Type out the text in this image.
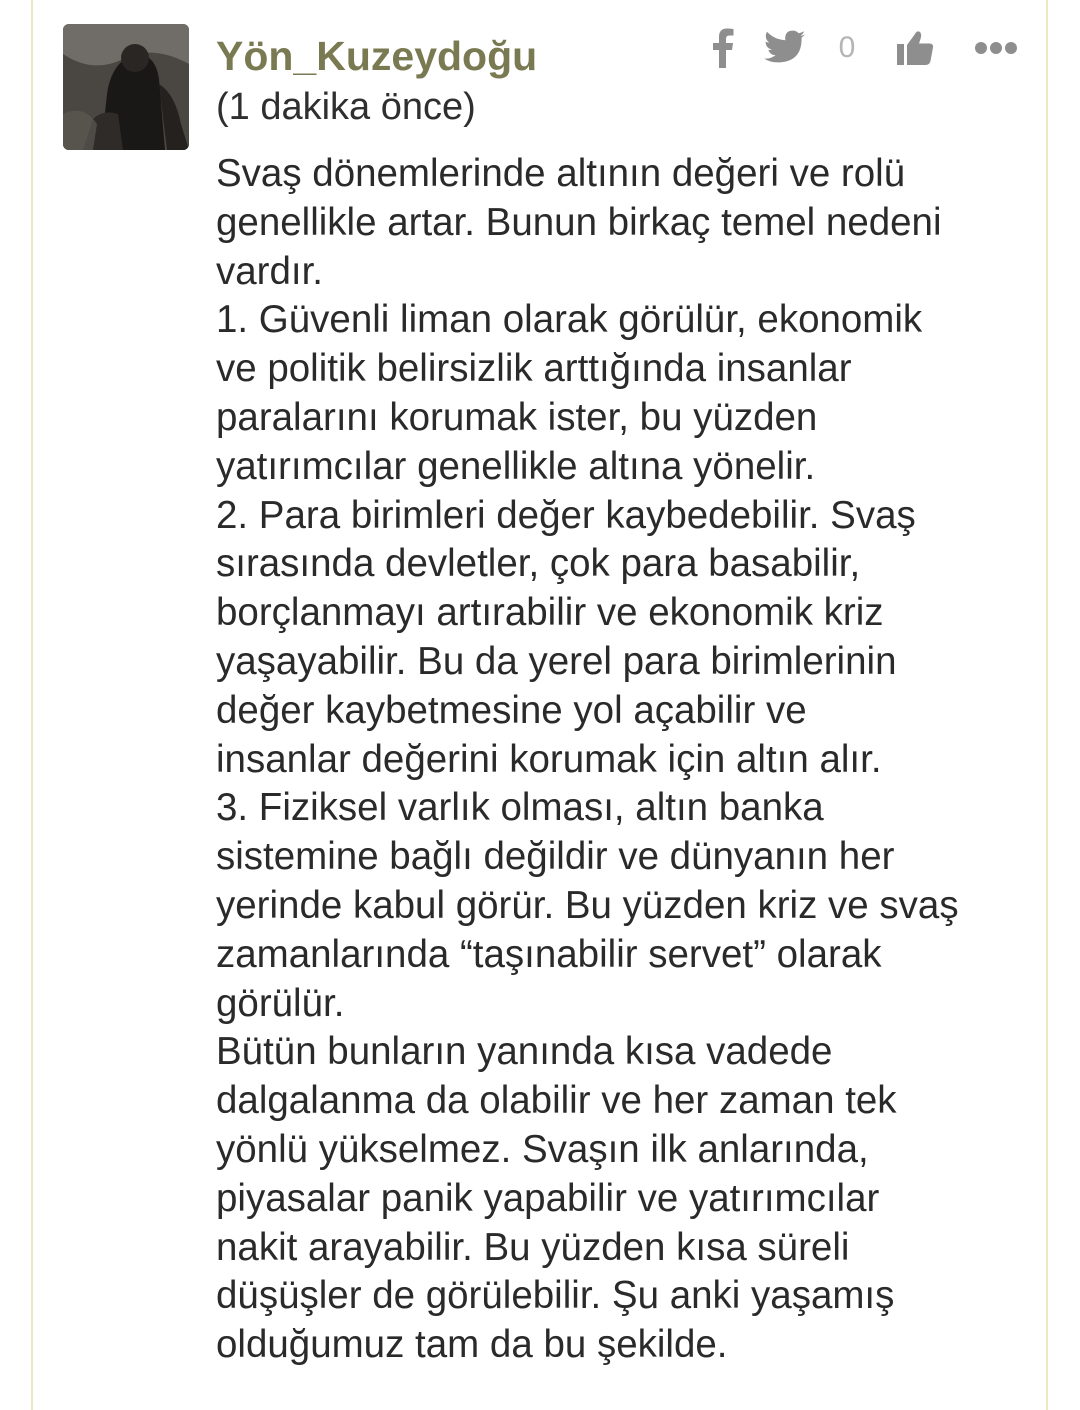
Yön_Kuzeydoğu
(1 dakika önce)
0
Svaş dönemlerinde altının değeri ve rolü
genellikle artar. Bunun birkaç temel nedeni
vardır.
1. Güvenli liman olarak görülür, ekonomik
ve politik belirsizlik arttığında insanlar
paralarını korumak ister, bu yüzden
yatırımcılar genellikle altına yönelir.
2. Para birimleri değer kaybedebilir. Svaş
sırasında devletler, çok para basabilir,
borçlanmayı artırabilir ve ekonomik kriz
yaşayabilir. Bu da yerel para birimlerinin
değer kaybetmesine yol açabilir ve
insanlar değerini korumak için altın alır.
3. Fiziksel varlık olması, altın banka
sistemine bağlı değildir ve dünyanın her
yerinde kabul görür. Bu yüzden kriz ve svaş
zamanlarında “taşınabilir servet” olarak
görülür.
Bütün bunların yanında kısa vadede
dalgalanma da olabilir ve her zaman tek
yönlü yükselmez. Svaşın ilk anlarında,
piyasalar panik yapabilir ve yatırımcılar
nakit arayabilir. Bu yüzden kısa süreli
düşüşler de görülebilir. Şu anki yaşamış
olduğumuz tam da bu şekilde.
